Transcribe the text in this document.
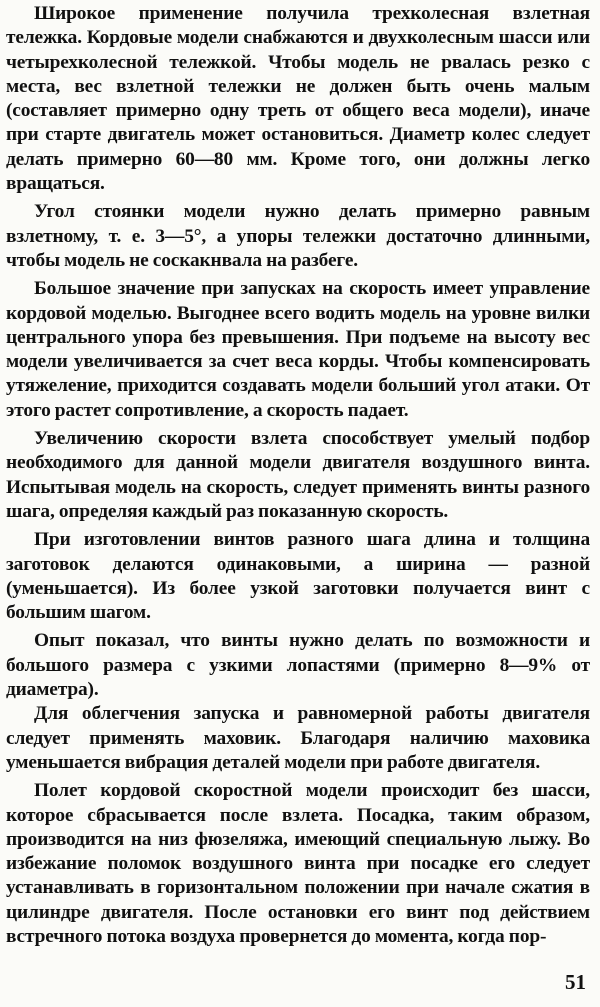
Широкое применение получила трехколесная взлетная тележка. Кордовые модели снабжаются и двухколесным шасси или четырехколесной тележкой. Чтобы модель не рвалась резко с места, вес взлетной тележки не должен быть очень малым (составляет примерно одну треть от общего веса модели), иначе при старте двигатель может остановиться. Диаметр колес следует делать примерно 60—80 мм. Кроме того, они должны легко вращаться.

Угол стоянки модели нужно делать примерно равным взлетному, т. е. 3—5°, а упоры тележки достаточно длинными, чтобы модель не соскакнвала на разбеге.

Большое значение при запусках на скорость имеет управление кордовой моделью. Выгоднее всего водить модель на уровне вилки центрального упора без превышения. При подъеме на высоту вес модели увеличивается за счет веса корды. Чтобы компенсировать утяжеление, приходится создавать модели больший угол атаки. От этого растет сопротивление, а скорость падает.

Увеличению скорости взлета способствует умелый подбор необходимого для данной модели двигателя воздушного винта. Испытывая модель на скорость, следует применять винты разного шага, определяя каждый раз показанную скорость.

При изготовлении винтов разного шага длина и толщина заготовок делаются одинаковыми, а ширина — разной (уменьшается). Из более узкой заготовки получается винт с большим шагом.

Опыт показал, что винты нужно делать по возможности и большого размера с узкими лопастями (примерно 8—9% от диаметра).

Для облегчения запуска и равномерной работы двигателя следует применять маховик. Благодаря наличию маховика уменьшается вибрация деталей модели при работе двигателя.

Полет кордовой скоростной модели происходит без шасси, которое сбрасывается после взлета. Посадка, таким образом, производится на низ фюзеляжа, имеющий специальную лыжу. Во избежание поломок воздушного винта при посадке его следует устанавливать в горизонтальном положении при начале сжатия в цилиндре двигателя. После остановки его винт под действием встречного потока воздуха провернется до момента, когда пор-

51
